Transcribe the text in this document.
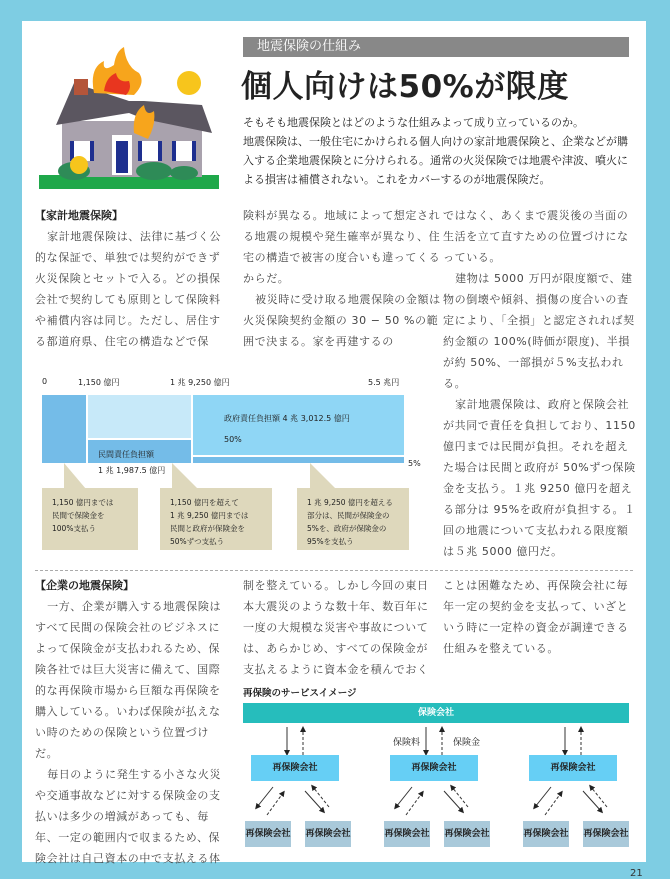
地震保険の仕組み
個人向けは50%が限度

そもそも地震保険とはどのような仕組みよって成り立っているのか。

地震保険は、一般住宅にかけられる個人向けの家計地震保険と、企業などが購入する企業地震保険とに分けられる。通常の火災保険では地震や津波、噴火による損害は補償されない。これをカバーするのが地震保険だ。

【家計地震保険】

家計地震保険は、法律に基づく公的な保証で、単独では契約ができず火災保険とセットで入る。どの損保会社で契約しても原則として保険料や補償内容は同じ。ただし、居住する都道府県、住宅の構造などで保

険料が異なる。地域によって想定される地震の規模や発生確率が異なり、住宅の構造で被害の度合いも違ってくるからだ。

被災時に受け取る地震保険の金額は火災保険契約金額の 30 − 50 %の範囲で決まる。家を再建するの

ではなく、あくまで震災後の当面の生活を立て直すための位置づけになっている。

建物は 5000 万円が限度額で、建物の倒壊や傾斜、損傷の度合いの査定により、「全損」と認定されれば契約金額の 100%(時価が限度)、半損が約 50%、一部損が５%支払われる。

家計地震保険は、政府と保険会社が共同で責任を負担しており、1150 億円までは民間が負担。それを超えた場合は民間と政府が 50%ずつ保険金を支払う。１兆 9250 億円を超える部分は 95%を政府が負担する。１回の地震について支払われる限度額は５兆 5000 億円だ。

0	1,150 億円	1 兆 9,250 億円	5.5 兆円
政府責任負担額 4 兆 3,012.5 億円
50%
民間責任負担額
1 兆 1,987.5 億円
5%
1,150 億円までは
民間で保険金を
100%支払う
1,150 億円を超えて
1 兆 9,250 億円までは
民間と政府が保険金を
50%ずつ支払う
1 兆 9,250 億円を超える
部分は、民間が保険金の
5%を、政府が保険金の
95%を支払う

【企業の地震保険】

一方、企業が購入する地震保険はすべて民間の保険会社のビジネスによって保険金が支払われるため、保険各社では巨大災害に備えて、国際的な再保険市場から巨額な再保険を購入している。いわば保険が払えない時のための保険という位置づけだ。

毎日のように発生する小さな火災や交通事故などに対する保険金の支払いは多少の増減があっても、毎年、一定の範囲内で収まるため、保険会社は自己資本の中で支払える体

制を整えている。しかし今回の東日本大震災のような数十年、数百年に一度の大規模な災害や事故については、あらかじめ、すべての保険金が支払えるように資本金を積んでおく

ことは困難なため、再保険会社に毎年一定の契約金を支払って、いざという時に一定枠の資金が調達できる仕組みを整えている。

再保険のサービスイメージ
保険会社
保険料	保険金
再保険会社	再保険会社	再保険会社
再保険会社 再保険会社	再保険会社 再保険会社	再保険会社 再保険会社
21
